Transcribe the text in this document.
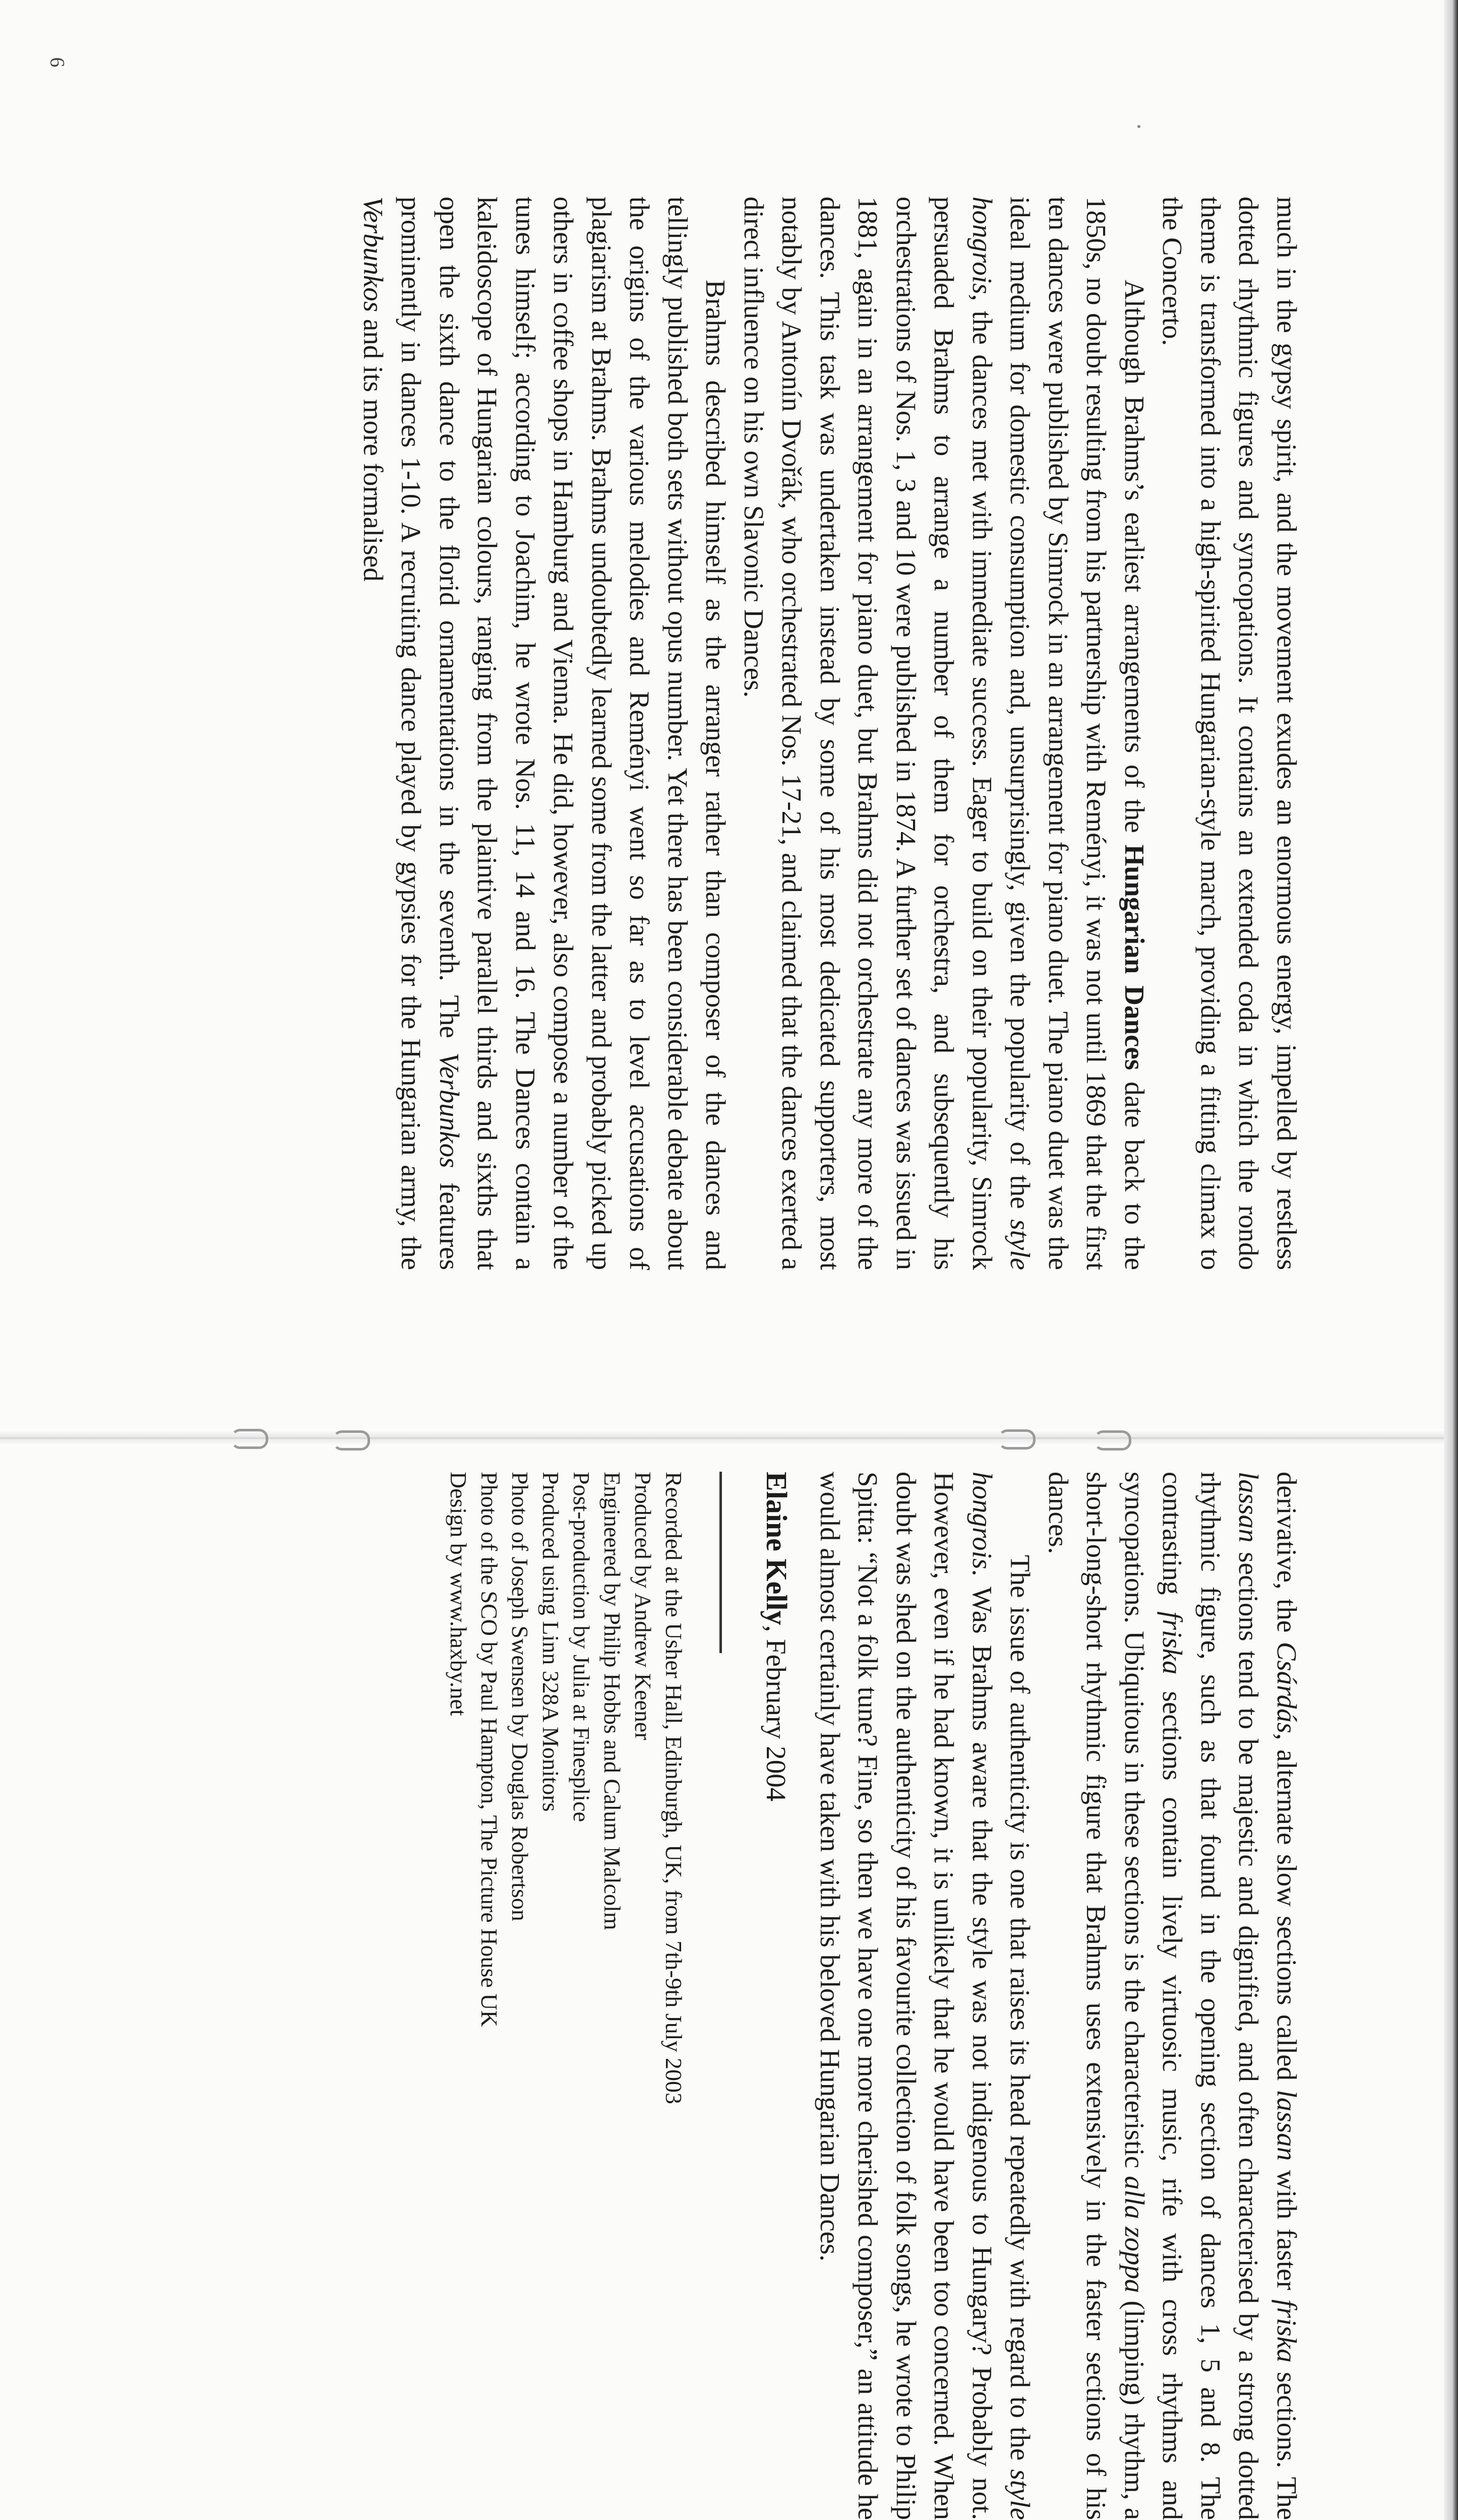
6

much in the gypsy spirit, and the movement exudes an enormous energy, impelled by restless dotted rhythmic figures and syncopations. It contains an extended coda in which the rondo theme is transformed into a high-spirited Hungarian-style march, providing a fitting climax to the Concerto.

Although Brahms’s earliest arrangements of the Hungarian Dances date back to the 1850s, no doubt resulting from his partnership with Reményi, it was not until 1869 that the first ten dances were published by Simrock in an arrangement for piano duet. The piano duet was the ideal medium for domestic consumption and, unsurprisingly, given the popularity of the style hongrois, the dances met with immediate success. Eager to build on their popularity, Simrock persuaded Brahms to arrange a number of them for orchestra, and subsequently his orchestrations of Nos. 1, 3 and 10 were published in 1874. A further set of dances was issued in 1881, again in an arrangement for piano duet, but Brahms did not orchestrate any more of the dances. This task was undertaken instead by some of his most dedicated supporters, most notably by Antonín Dvořák, who orchestrated Nos. 17-21, and claimed that the dances exerted a direct influence on his own Slavonic Dances.

Brahms described himself as the arranger rather than composer of the dances and tellingly published both sets without opus number. Yet there has been considerable debate about the origins of the various melodies and Reményi went so far as to level accusations of plagiarism at Brahms. Brahms undoubtedly learned some from the latter and probably picked up others in coffee shops in Hamburg and Vienna. He did, however, also compose a number of the tunes himself; according to Joachim, he wrote Nos. 11, 14 and 16. The Dances contain a kaleidoscope of Hungarian colours, ranging from the plaintive parallel thirds and sixths that open the sixth dance to the florid ornamentations in the seventh. The Verbunkos features prominently in dances 1-10. A recruiting dance played by gypsies for the Hungarian army, the Verbunkos and its more formalised

derivative, the Csárdás, alternate slow sections called lassan with faster friska sections. The lassan sections tend to be majestic and dignified, and often characterised by a strong dotted rhythmic figure, such as that found in the opening section of dances 1, 5 and 8. The contrasting friska sections contain lively virtuosic music, rife with cross rhythms and syncopations. Ubiquitous in these sections is the characteristic alla zoppa (limping) rhythm, a short-long-short rhythmic figure that Brahms uses extensively in the faster sections of his dances.

The issue of authenticity is one that raises its head repeatedly with regard to the style hongrois. Was Brahms aware that the style was not indigenous to Hungary? Probably not. However, even if he had known, it is unlikely that he would have been too concerned. When doubt was shed on the authenticity of his favourite collection of folk songs, he wrote to Philip Spitta: “Not a folk tune? Fine, so then we have one more cherished composer,” an attitude he would almost certainly have taken with his beloved Hungarian Dances.

Elaine Kelly, February 2004
Recorded at the Usher Hall, Edinburgh, UK, from 7th-9th July 2003
Produced by Andrew Keener
Engineered by Philip Hobbs and Calum Malcolm
Post-production by Julia at Finesplice
Produced using Linn 328A Monitors
Photo of Joseph Swensen by Douglas Robertson
Photo of the SCO by Paul Hampton, The Picture House UK
Design by www.haxby.net
